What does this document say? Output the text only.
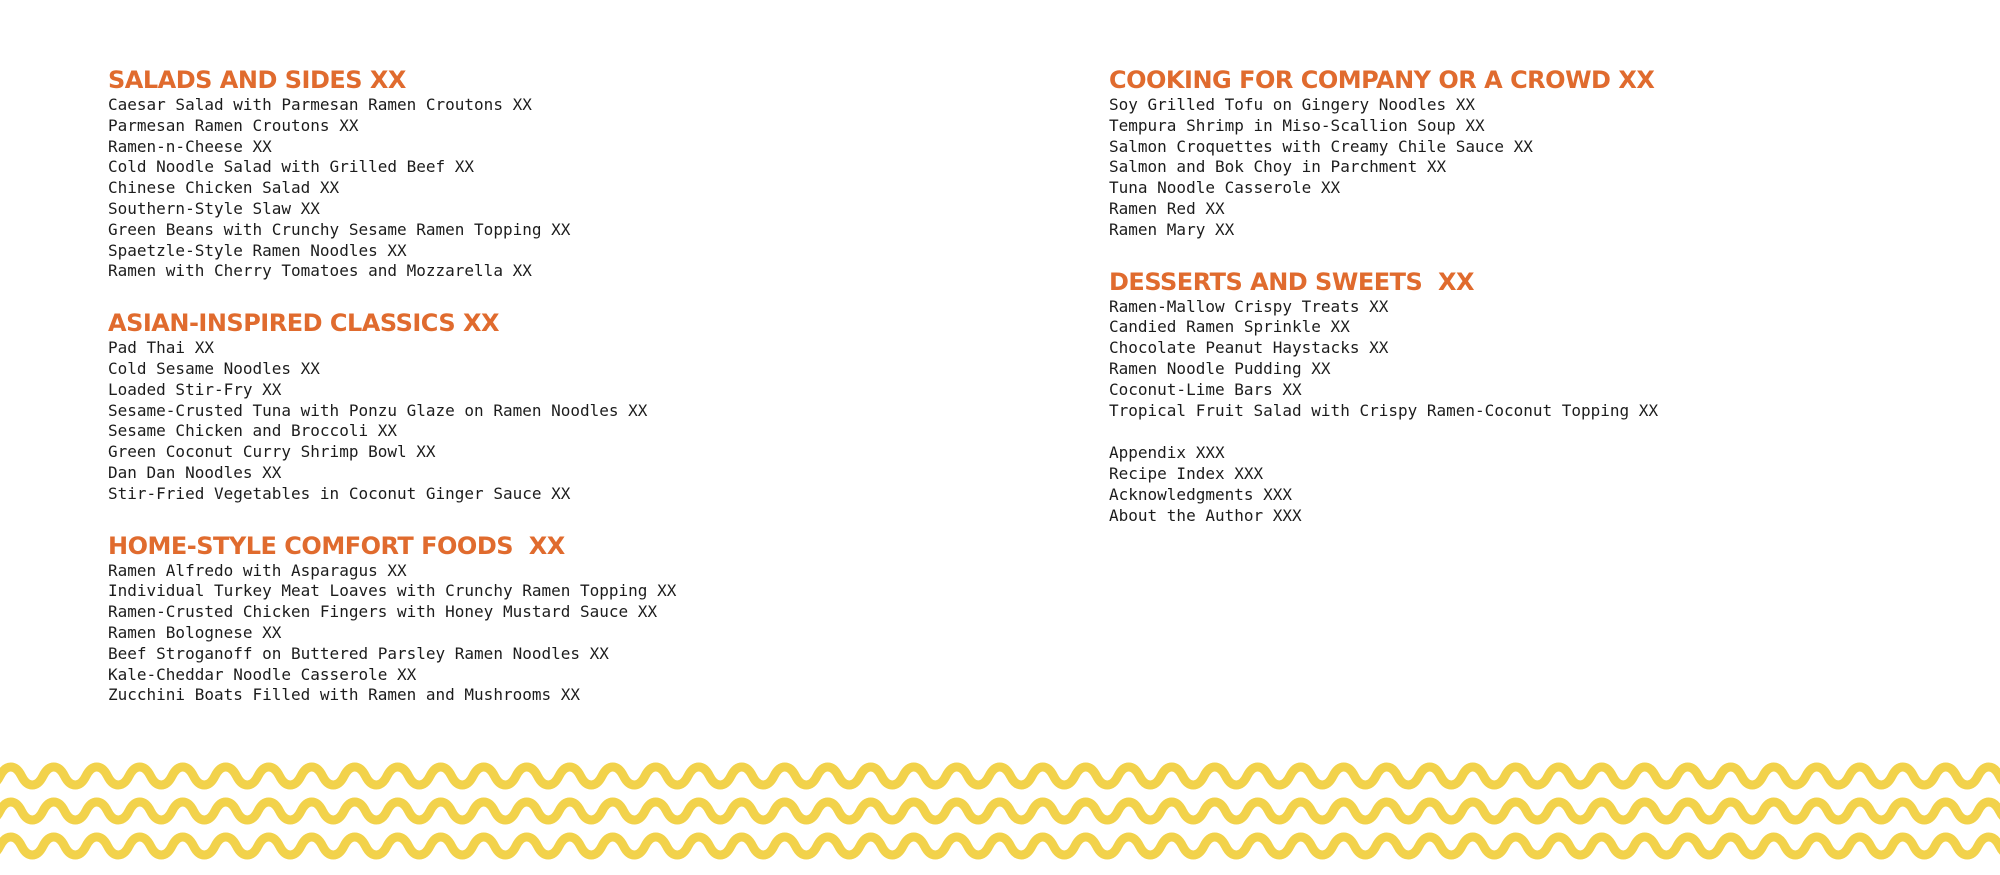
SALADS AND SIDES XX
Caesar Salad with Parmesan Ramen Croutons XX
Parmesan Ramen Croutons XX
Ramen-n-Cheese XX
Cold Noodle Salad with Grilled Beef XX
Chinese Chicken Salad XX
Southern-Style Slaw XX
Green Beans with Crunchy Sesame Ramen Topping XX
Spaetzle-Style Ramen Noodles XX
Ramen with Cherry Tomatoes and Mozzarella XX
ASIAN-INSPIRED CLASSICS XX
Pad Thai XX
Cold Sesame Noodles XX
Loaded Stir-Fry XX
Sesame-Crusted Tuna with Ponzu Glaze on Ramen Noodles XX
Sesame Chicken and Broccoli XX
Green Coconut Curry Shrimp Bowl XX
Dan Dan Noodles XX
Stir-Fried Vegetables in Coconut Ginger Sauce XX
HOME-STYLE COMFORT FOODS  XX
Ramen Alfredo with Asparagus XX
Individual Turkey Meat Loaves with Crunchy Ramen Topping XX
Ramen-Crusted Chicken Fingers with Honey Mustard Sauce XX
Ramen Bolognese XX
Beef Stroganoff on Buttered Parsley Ramen Noodles XX
Kale-Cheddar Noodle Casserole XX
Zucchini Boats Filled with Ramen and Mushrooms XX
COOKING FOR COMPANY OR A CROWD XX
Soy Grilled Tofu on Gingery Noodles XX
Tempura Shrimp in Miso-Scallion Soup XX
Salmon Croquettes with Creamy Chile Sauce XX
Salmon and Bok Choy in Parchment XX
Tuna Noodle Casserole XX
Ramen Red XX
Ramen Mary XX
DESSERTS AND SWEETS  XX
Ramen-Mallow Crispy Treats XX
Candied Ramen Sprinkle XX
Chocolate Peanut Haystacks XX
Ramen Noodle Pudding XX
Coconut-Lime Bars XX
Tropical Fruit Salad with Crispy Ramen-Coconut Topping XX
Appendix XXX
Recipe Index XXX
Acknowledgments XXX
About the Author XXX
